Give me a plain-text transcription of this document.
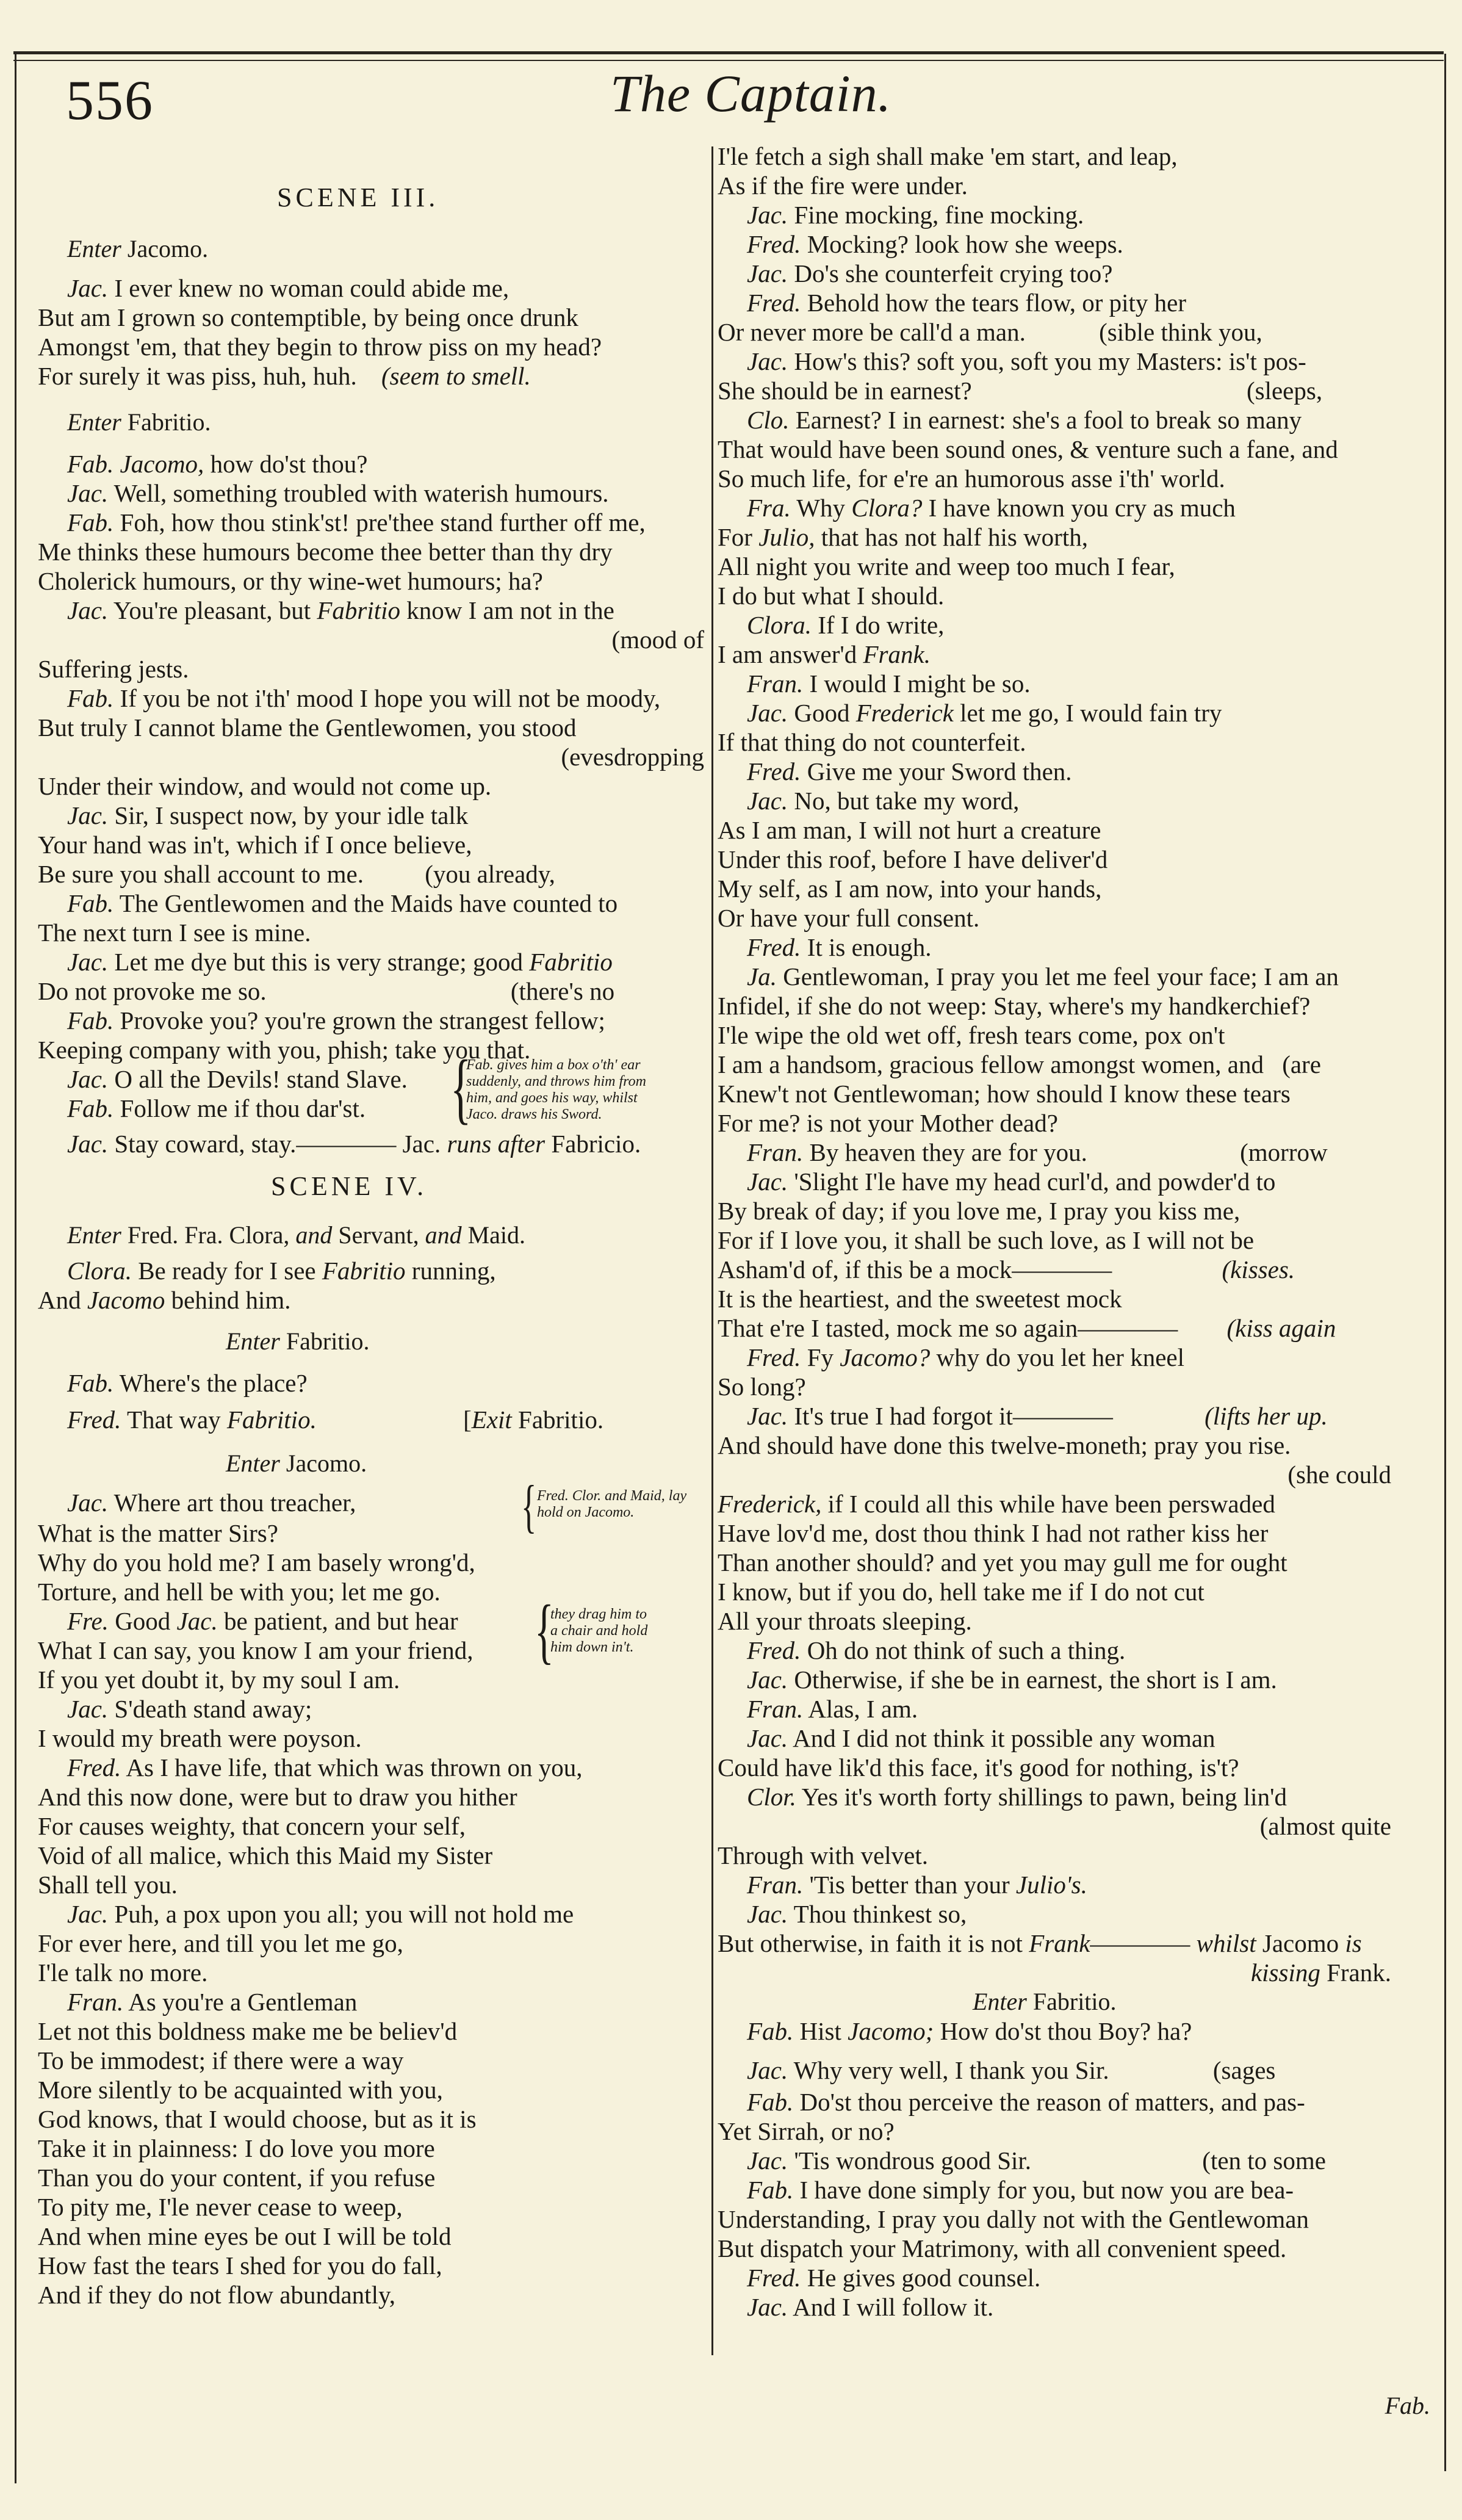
556	The Captain.
SCENE III.
Enter Jacomo.
Jac. I ever knew no woman could abide me,
But am I grown so contemptible, by being once drunk
Amongst 'em, that they begin to throw piss on my head?
For surely it was piss, huh, huh. (seem to smell.
Enter Fabritio.
Fab. Jacomo, how do'st thou?
Jac. Well, something troubled with waterish humours.
Fab. Foh, how thou stink'st! pre'thee stand further off me,
Me thinks these humours become thee better than thy dry
Cholerick humours, or thy wine-wet humours; ha?
Jac. You're pleasant, but Fabritio know I am not in the
(mood of
Suffering jests.
Fab. If you be not i'th' mood I hope you will not be moody,
But truly I cannot blame the Gentlewomen, you stood
(evesdropping
Under their window, and would not come up.
Jac. Sir, I suspect now, by your idle talk
Your hand was in't, which if I once believe,
Be sure you shall account to me. (you already,
Fab. The Gentlewomen and the Maids have counted to
The next turn I see is mine.
Jac. Let me dye but this is very strange; good Fabritio
Do not provoke me so.	(there's no
Fab. Provoke you? you're grown the strangest fellow;
Keeping company with you, phish; take you that.
Jac. O all the Devils! stand Slave.
Fab. Follow me if thou dar'st.
Jac. Stay coward, stay.———— Jac. runs after Fabricio.
SCENE IV.
Enter Fred. Fra. Clora, and Servant, and Maid.
Clora. Be ready for I see Fabritio running,
And Jacomo behind him.
Enter Fabritio.
Fab. Where's the place?
Fred. That way Fabritio.	[Exit Fabritio.
Enter Jacomo.
Jac. Where art thou treacher,
What is the matter Sirs?
Why do you hold me? I am basely wrong'd,
Torture, and hell be with you; let me go.
Fre. Good Jac. be patient, and but hear
What I can say, you know I am your friend,
If you yet doubt it, by my soul I am.
Jac. S'death stand away;
I would my breath were poyson.
Fred. As I have life, that which was thrown on you,
And this now done, were but to draw you hither
For causes weighty, that concern your self,
Void of all malice, which this Maid my Sister
Shall tell you.
Jac. Puh, a pox upon you all; you will not hold me
For ever here, and till you let me go,
I'le talk no more.
Fran. As you're a Gentleman
Let not this boldness make me be believ'd
To be immodest; if there were a way
More silently to be acquainted with you,
God knows, that I would choose, but as it is
Take it in plainness: I do love you more
Than you do your content, if you refuse
To pity me, I'le never cease to weep,
And when mine eyes be out I will be told
How fast the tears I shed for you do fall,
And if they do not flow abundantly,
{
Fab. gives him a box o'th' ear
suddenly, and throws him from
him, and goes his way, whilst
Jaco. draws his Sword.
{ Fred. Clor. and Maid, lay
hold on Jacomo.
{
they drag him to
a chair and hold
him down in't.
I'le fetch a sigh shall make 'em start, and leap,
As if the fire were under.
Jac. Fine mocking, fine mocking.
Fred. Mocking? look how she weeps.
Jac. Do's she counterfeit crying too?
Fred. Behold how the tears flow, or pity her
Or never more be call'd a man.	(sible think you,
Jac. How's this? soft you, soft you my Masters: is't pos-
She should be in earnest?	(sleeps,
Clo. Earnest? I in earnest: she's a fool to break so many
That would have been sound ones, & venture such a fane, and
So much life, for e're an humorous asse i'th' world.
Fra. Why Clora? I have known you cry as much
For Julio, that has not half his worth,
All night you write and weep too much I fear,
I do but what I should.
Clora. If I do write,
I am answer'd Frank.
Fran. I would I might be so.
Jac. Good Frederick let me go, I would fain try
If that thing do not counterfeit.
Fred. Give me your Sword then.
Jac. No, but take my word,
As I am man, I will not hurt a creature
Under this roof, before I have deliver'd
My self, as I am now, into your hands,
Or have your full consent.
Fred. It is enough.
Ja. Gentlewoman, I pray you let me feel your face; I am an
Infidel, if she do not weep: Stay, where's my handkerchief?
I'le wipe the old wet off, fresh tears come, pox on't
I am a handsom, gracious fellow amongst women, and (are
Knew't not Gentlewoman; how should I know these tears
For me? is not your Mother dead?
Fran. By heaven they are for you.	(morrow
Jac. 'Slight I'le have my head curl'd, and powder'd to
By break of day; if you love me, I pray you kiss me,
For if I love you, it shall be such love, as I will not be
Asham'd of, if this be a mock————	(kisses.
It is the heartiest, and the sweetest mock
That e're I tasted, mock me so again———— (kiss again
Fred. Fy Jacomo? why do you let her kneel
So long?
Jac. It's true I had forgot it————	(lifts her up.
And should have done this twelve-moneth; pray you rise.
(she could
Frederick, if I could all this while have been perswaded
Have lov'd me, dost thou think I had not rather kiss her
Than another should? and yet you may gull me for ought
I know, but if you do, hell take me if I do not cut
All your throats sleeping.
Fred. Oh do not think of such a thing.
Jac. Otherwise, if she be in earnest, the short is I am.
Fran. Alas, I am.
Jac. And I did not think it possible any woman
Could have lik'd this face, it's good for nothing, is't?
Clor. Yes it's worth forty shillings to pawn, being lin'd
(almost quite
Through with velvet.
Fran. 'Tis better than your Julio's.
Jac. Thou thinkest so,
But otherwise, in faith it is not Frank———— whilst Jacomo is
kissing Frank.
Enter Fabritio.
Fab. Hist Jacomo; How do'st thou Boy? ha?
Jac. Why very well, I thank you Sir.	(sages
Fab. Do'st thou perceive the reason of matters, and pas-
Yet Sirrah, or no?
Jac. 'Tis wondrous good Sir.	(ten to some
Fab. I have done simply for you, but now you are bea-
Understanding, I pray you dally not with the Gentlewoman
But dispatch your Matrimony, with all convenient speed.
Fred. He gives good counsel.
Jac. And I will follow it.
Fab.
